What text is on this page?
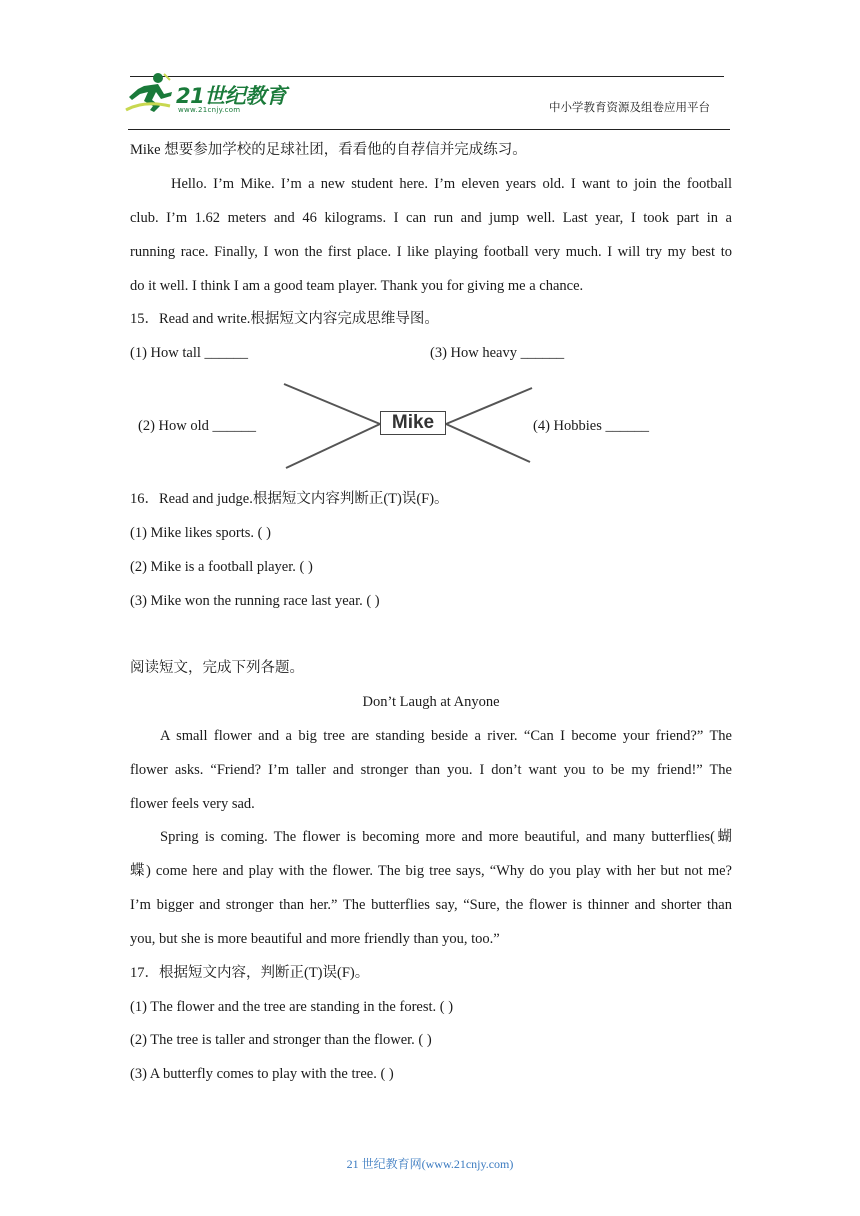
21世纪教育
www.21cnjy.com	中小学教育资源及组卷应用平台
Mike 想要参加学校的足球社团，看看他的自荐信并完成练习。
Hello. I’m Mike. I’m a new student here. I’m eleven years old. I want to join the football
club. I’m 1.62 meters and 46 kilograms. I can run and jump well. Last year, I took part in a
running race. Finally, I won the first place. I like playing football very much. I will try my best to
do it well. I think I am a good team player. Thank you for giving me a chance.
15．Read and write.根据短文内容完成思维导图。
(1) How tall ______	(3) How heavy ______
(2) How old ______	(4) Hobbies ______
Mike
16．Read and judge.根据短文内容判断正(T)误(F)。
(1) Mike likes sports. ( )
(2) Mike is a football player. ( )
(3) Mike won the running race last year. ( )
阅读短文，完成下列各题。
Don’t Laugh at Anyone
A small flower and a big tree are standing beside a river. “Can I become your friend?” The
flower asks. “Friend? I’m taller and stronger than you. I don’t want you to be my friend!” The
flower feels very sad.
Spring is coming. The flower is becoming more and more beautiful, and many butterflies(蝴
蝶) come here and play with the flower. The big tree says, “Why do you play with her but not me?
I’m bigger and stronger than her.” The butterflies say, “Sure, the flower is thinner and shorter than
you, but she is more beautiful and more friendly than you, too.”
17．根据短文内容，判断正(T)误(F)。
(1) The flower and the tree are standing in the forest. ( )
(2) The tree is taller and stronger than the flower. ( )
(3) A butterfly comes to play with the tree. ( )
21 世纪教育网(www.21cnjy.com)
